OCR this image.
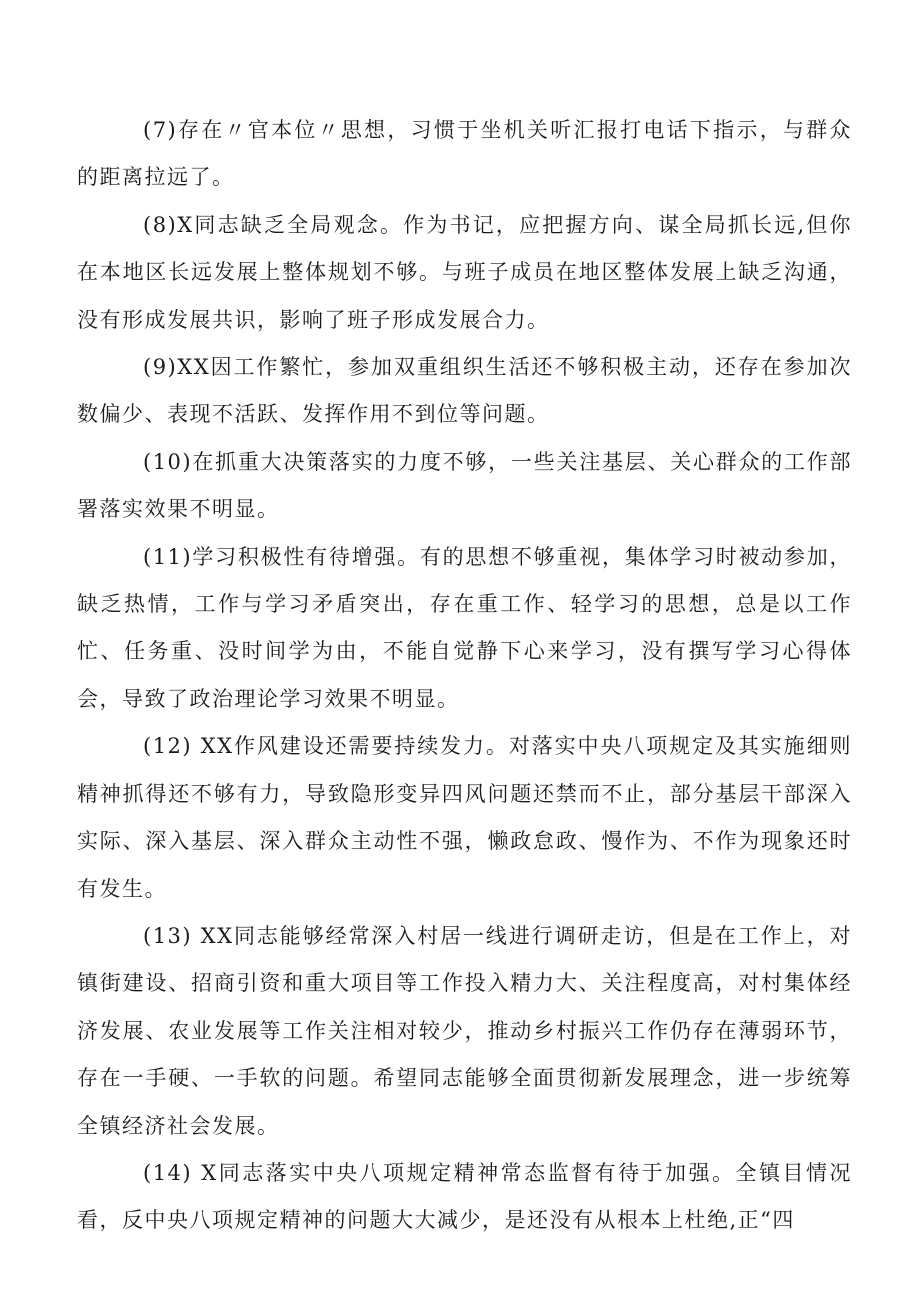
(7)存在〃官本位〃思想，习惯于坐机关听汇报打电话下指示，与群众的距离拉远了。

(8)X同志缺乏全局观念。作为书记，应把握方向、谋全局抓长远,但你在本地区长远发展上整体规划不够。与班子成员在地区整体发展上缺乏沟通，没有形成发展共识，影响了班子形成发展合力。

(9)XX因工作繁忙，参加双重组织生活还不够积极主动，还存在参加次数偏少、表现不活跃、发挥作用不到位等问题。

(10)在抓重大决策落实的力度不够，一些关注基层、关心群众的工作部署落实效果不明显。

(11)学习积极性有待增强。有的思想不够重视，集体学习时被动参加，缺乏热情，工作与学习矛盾突出，存在重工作、轻学习的思想，总是以工作忙、任务重、没时间学为由，不能自觉静下心来学习，没有撰写学习心得体会，导致了政治理论学习效果不明显。

(12) XX作风建设还需要持续发力。对落实中央八项规定及其实施细则精神抓得还不够有力，导致隐形变异四风问题还禁而不止，部分基层干部深入实际、深入基层、深入群众主动性不强，懒政怠政、慢作为、不作为现象还时有发生。

(13) XX同志能够经常深入村居一线进行调研走访，但是在工作上，对镇街建设、招商引资和重大项目等工作投入精力大、关注程度高，对村集体经济发展、农业发展等工作关注相对较少，推动乡村振兴工作仍存在薄弱环节，存在一手硬、一手软的问题。希望同志能够全面贯彻新发展理念，进一步统筹全镇经济社会发展。

(14) X同志落实中央八项规定精神常态监督有待于加强。全镇目情况看，反中央八项规定精神的问题大大减少，是还没有从根本上杜绝,正“四
